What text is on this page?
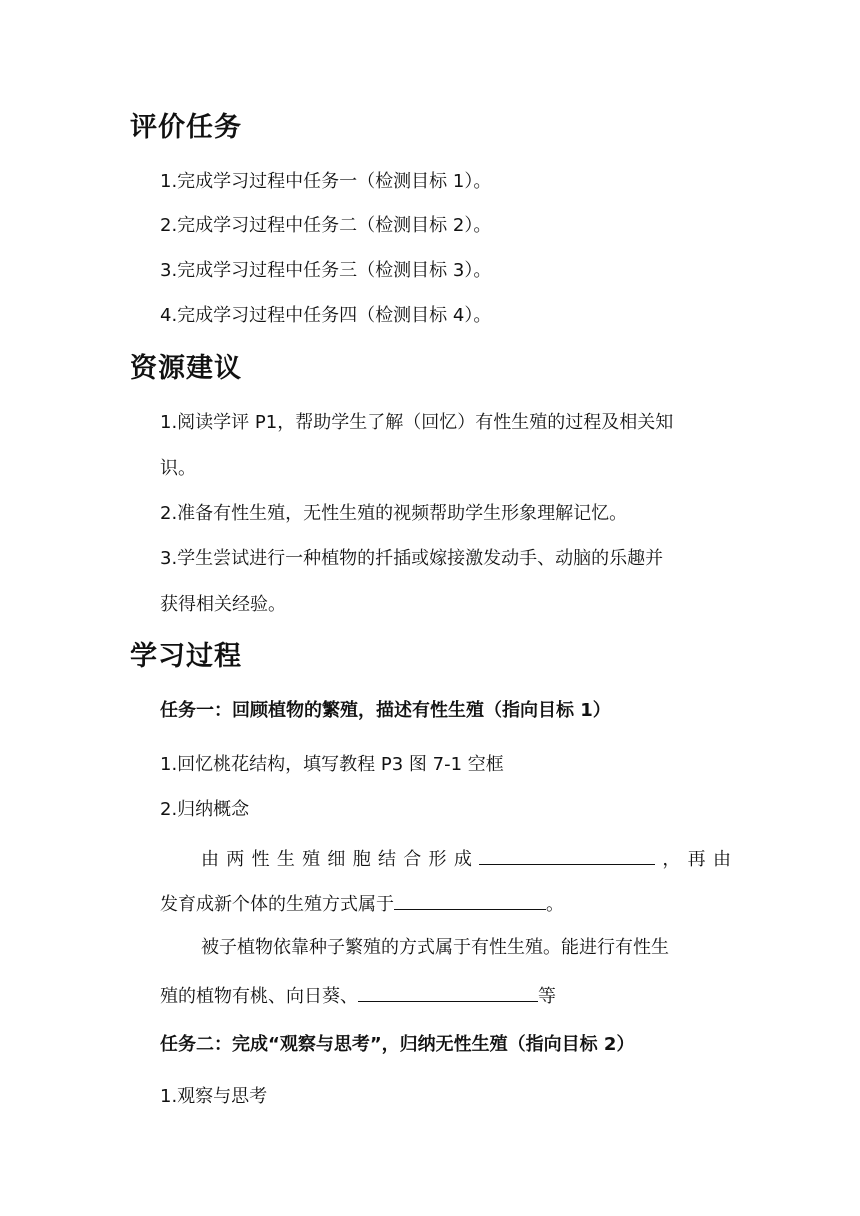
评价任务
1.完成学习过程中任务一（检测目标 1）。
2.完成学习过程中任务二（检测目标 2）。
3.完成学习过程中任务三（检测目标 3）。
4.完成学习过程中任务四（检测目标 4）。
资源建议
1.阅读学评 P1，帮助学生了解（回忆）有性生殖的过程及相关知
识。
2.准备有性生殖，无性生殖的视频帮助学生形象理解记忆。
3.学生尝试进行一种植物的扦插或嫁接激发动手、动脑的乐趣并
获得相关经验。
学习过程
任务一：回顾植物的繁殖，描述有性生殖（指向目标 1）
1.回忆桃花结构，填写教程 P3 图 7-1 空框
2.归纳概念
由 两 性 生 殖 细 胞 结 合 形 成	， 再 由
发育成新个体的生殖方式属于	。
被子植物依靠种子繁殖的方式属于有性生殖。能进行有性生
殖的植物有桃、向日葵、	等
任务二：完成“观察与思考”，归纳无性生殖（指向目标 2）
1.观察与思考
